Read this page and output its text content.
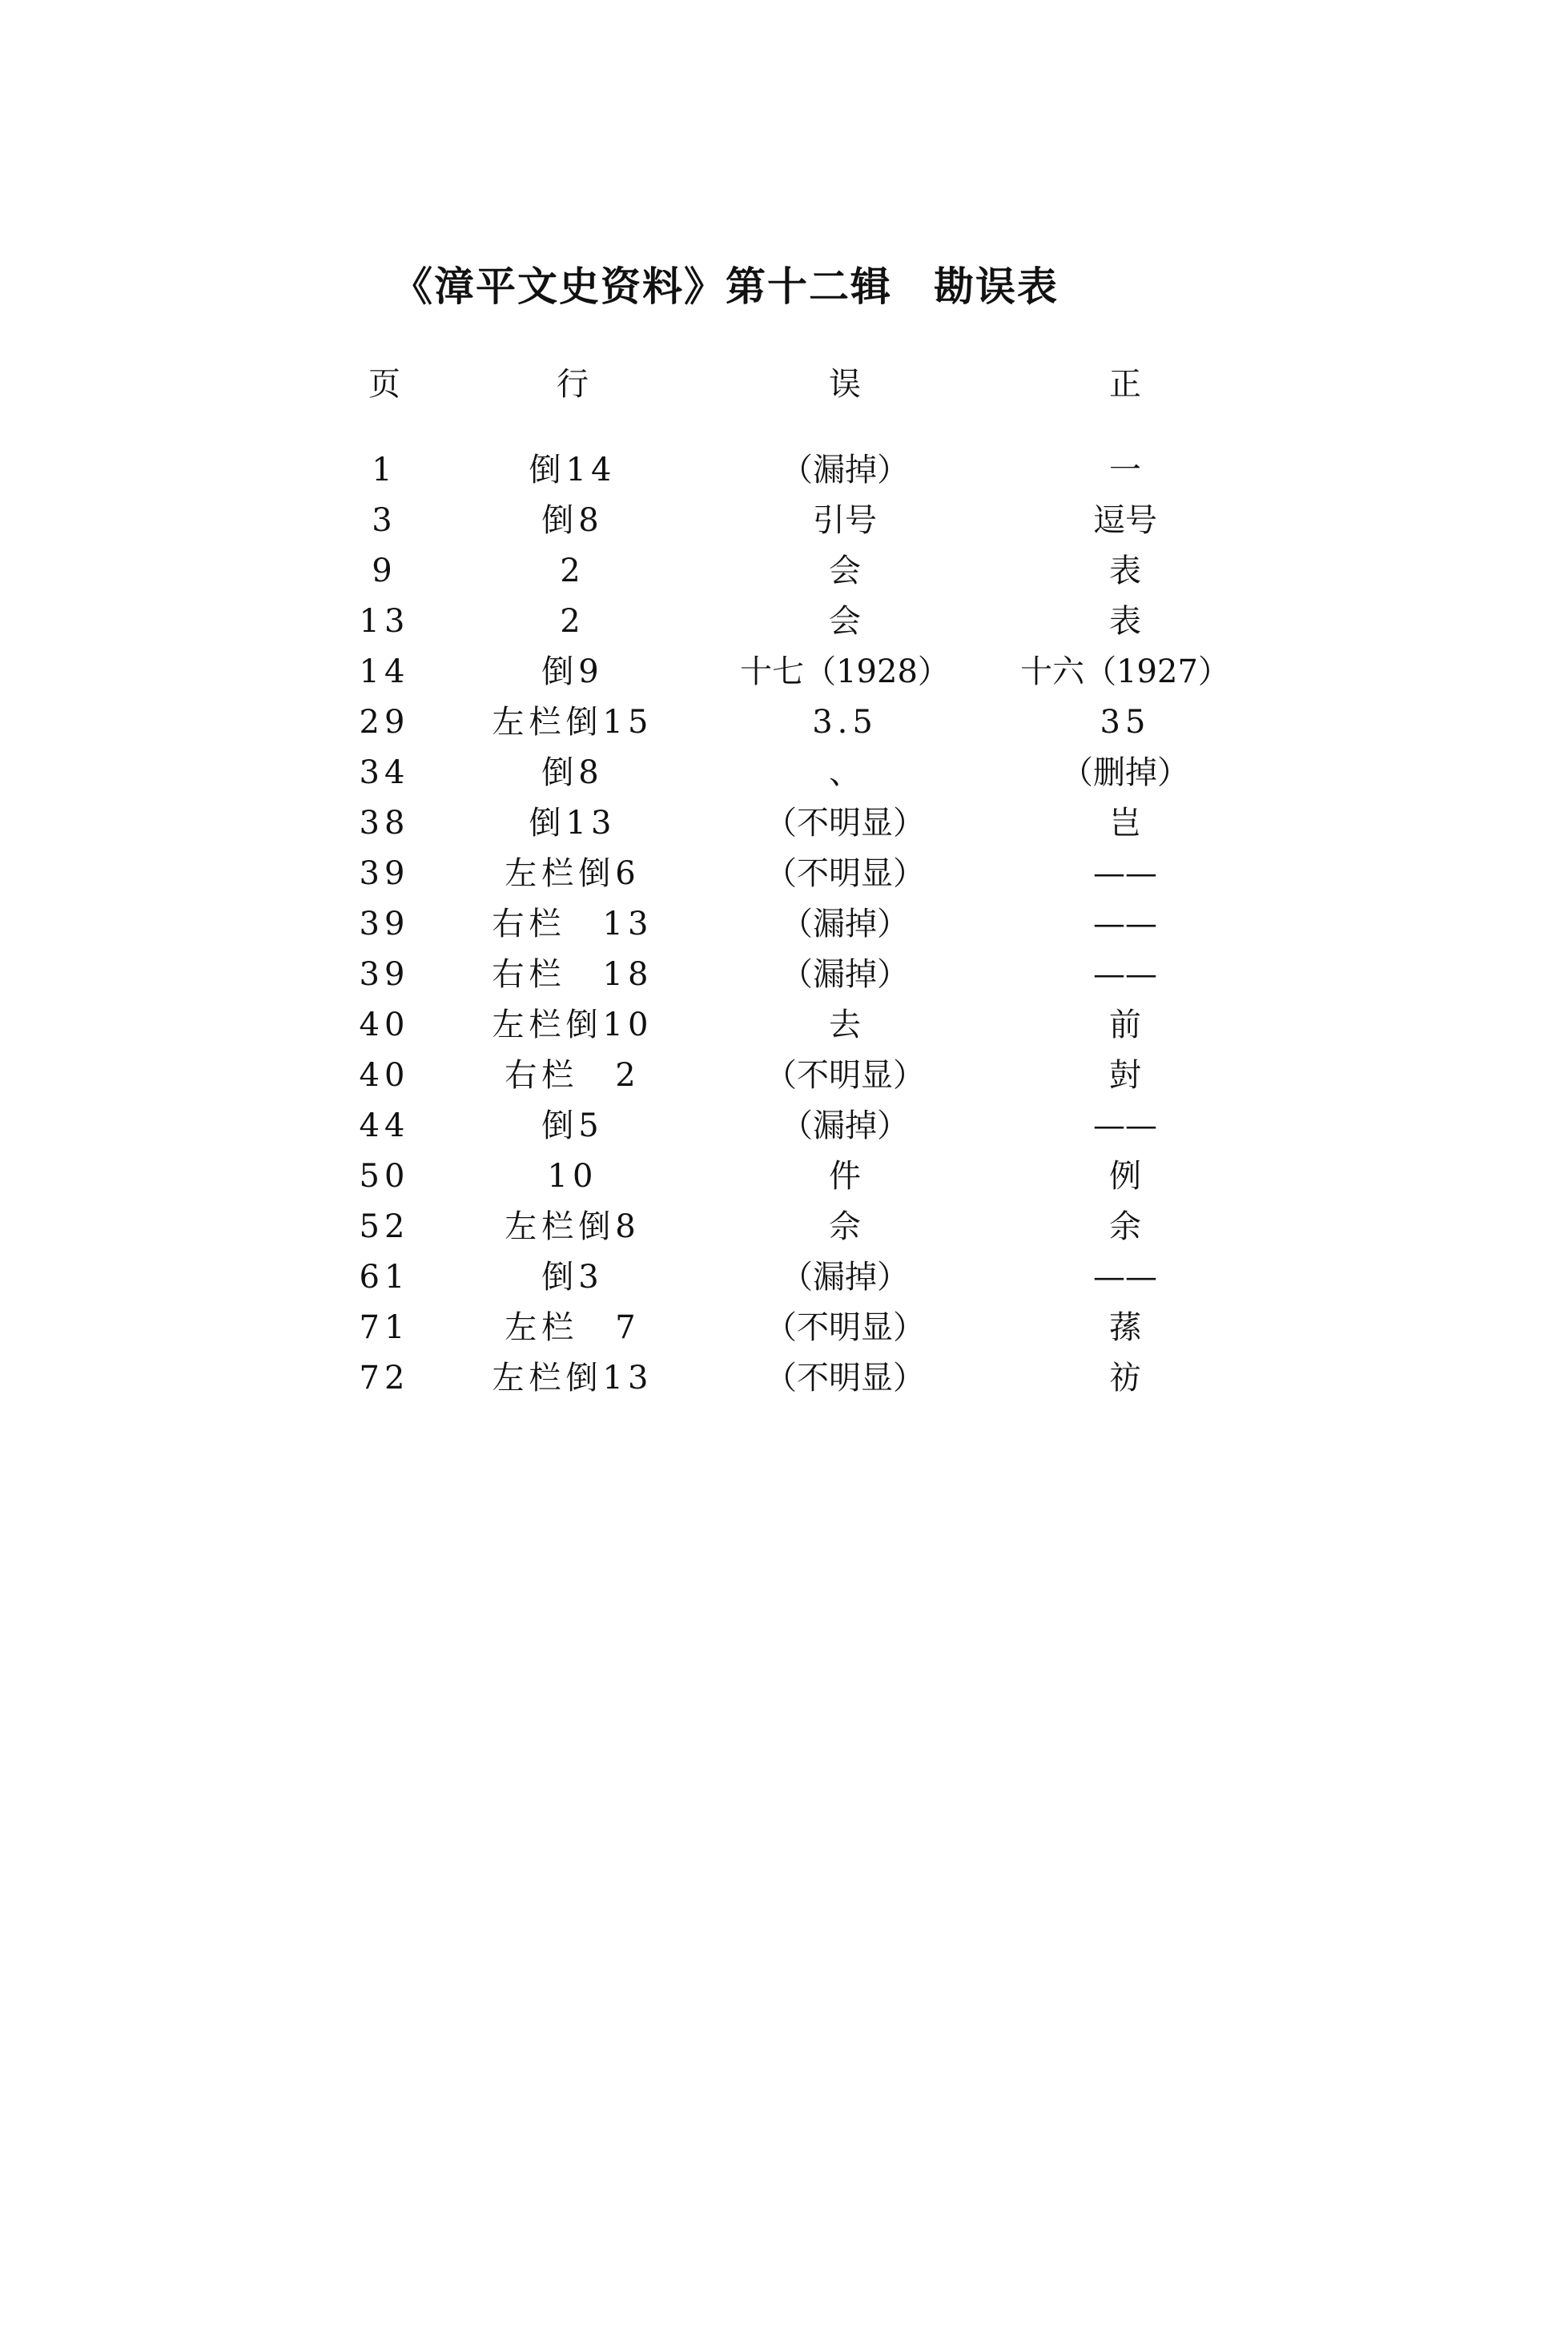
《漳平文史资料》第十二辑　勘误表
页	行	误	正
1	倒14	（漏掉）	一
3	倒8	引号	逗号
9	2	会	表
13	2	会	表
14	倒9	十七（1928）	十六（1927）
29	左栏倒15	3.5	35
34	倒8	、	（删掉）
38	倒13	（不明显）	岂
39	左栏倒6	（不明显）	——
39	右栏　13	（漏掉）	——
39	右栏　18	（漏掉）	——
40	左栏倒10	去	前
40	右栏　2	（不明显）	尌
44	倒5	（漏掉）	——
50	10	件	例
52	左栏倒8	佘	余
61	倒3	（漏掉）	——
71	左栏　7	（不明显）	蓀
72	左栏倒13	（不明显）	祊
